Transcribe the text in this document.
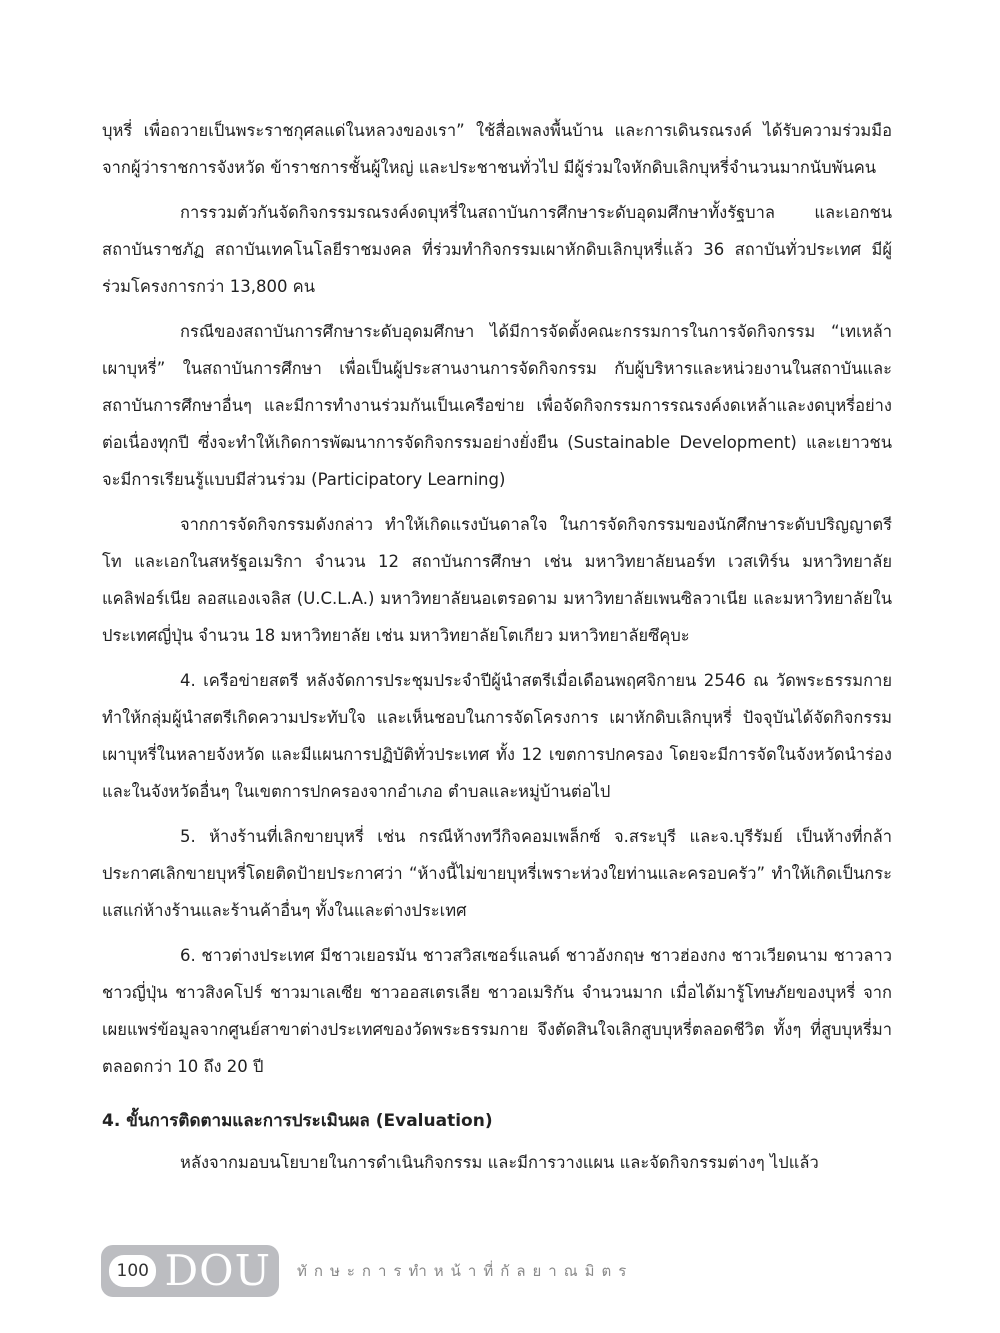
บุหรี่ เพื่อถวายเป็นพระราชกุศลแด่ในหลวงของเรา” ใช้สื่อเพลงพื้นบ้าน และการเดินรณรงค์ ได้รับความร่วมมือจากผู้ว่าราชการจังหวัด ข้าราชการชั้นผู้ใหญ่ และประชาชนทั่วไป มีผู้ร่วมใจหักดิบเลิกบุหรี่จำนวนมากนับพันคน

การรวมตัวกันจัดกิจกรรมรณรงค์งดบุหรี่ในสถาบันการศึกษาระดับอุดมศึกษาทั้งรัฐบาล และเอกชน สถาบันราชภัฏ สถาบันเทคโนโลยีราชมงคล ที่ร่วมทำกิจกรรมเผาหักดิบเลิกบุหรี่แล้ว 36 สถาบันทั่วประเทศ มีผู้ร่วมโครงการกว่า 13,800 คน

กรณีของสถาบันการศึกษาระดับอุดมศึกษา ได้มีการจัดตั้งคณะกรรมการในการจัดกิจกรรม “เทเหล้าเผาบุหรี่” ในสถาบันการศึกษา เพื่อเป็นผู้ประสานงานการจัดกิจกรรม กับผู้บริหารและหน่วยงานในสถาบันและสถาบันการศึกษาอื่นๆ และมีการทำงานร่วมกันเป็นเครือข่าย เพื่อจัดกิจกรรมการรณรงค์งดเหล้าและงดบุหรี่อย่างต่อเนื่องทุกปี ซึ่งจะทำให้เกิดการพัฒนาการจัดกิจกรรมอย่างยั่งยืน (Sustainable Development) และเยาวชนจะมีการเรียนรู้แบบมีส่วนร่วม (Participatory Learning)

จากการจัดกิจกรรมดังกล่าว ทำให้เกิดแรงบันดาลใจ ในการจัดกิจกรรมของนักศึกษาระดับปริญญาตรี โท และเอกในสหรัฐอเมริกา จำนวน 12 สถาบันการศึกษา เช่น มหาวิทยาลัยนอร์ท เวสเทิร์น มหาวิทยาลัยแคลิฟอร์เนีย ลอสแองเจลิส (U.C.L.A.) มหาวิทยาลัยนอเตรอดาม มหาวิทยาลัยเพนซิลวาเนีย และมหาวิทยาลัยในประเทศญี่ปุ่น จำนวน 18 มหาวิทยาลัย เช่น มหาวิทยาลัยโตเกียว มหาวิทยาลัยซึคุบะ

4. เครือข่ายสตรี หลังจัดการประชุมประจำปีผู้นำสตรีเมื่อเดือนพฤศจิกายน 2546 ณ วัดพระธรรมกาย ทำให้กลุ่มผู้นำสตรีเกิดความประทับใจ และเห็นชอบในการจัดโครงการ เผาหักดิบเลิกบุหรี่ ปัจจุบันได้จัดกิจกรรมเผาบุหรี่ในหลายจังหวัด และมีแผนการปฏิบัติทั่วประเทศ ทั้ง 12 เขตการปกครอง โดยจะมีการจัดในจังหวัดนำร่อง และในจังหวัดอื่นๆ ในเขตการปกครองจากอำเภอ ตำบลและหมู่บ้านต่อไป

5. ห้างร้านที่เลิกขายบุหรี่ เช่น กรณีห้างทวีกิจคอมเพล็กซ์ จ.สระบุรี และจ.บุรีรัมย์ เป็นห้างที่กล้าประกาศเลิกขายบุหรี่โดยติดป้ายประกาศว่า “ห้างนี้ไม่ขายบุหรี่เพราะห่วงใยท่านและครอบครัว” ทำให้เกิดเป็นกระแสแก่ห้างร้านและร้านค้าอื่นๆ ทั้งในและต่างประเทศ

6. ชาวต่างประเทศ มีชาวเยอรมัน ชาวสวิสเซอร์แลนด์ ชาวอังกฤษ ชาวฮ่องกง ชาวเวียดนาม ชาวลาว ชาวญี่ปุ่น ชาวสิงคโปร์ ชาวมาเลเซีย ชาวออสเตรเลีย ชาวอเมริกัน จำนวนมาก เมื่อได้มารู้โทษภัยของบุหรี่ จากเผยแพร่ข้อมูลจากศูนย์สาขาต่างประเทศของวัดพระธรรมกาย จึงตัดสินใจเลิกสูบบุหรี่ตลอดชีวิต ทั้งๆ ที่สูบบุหรี่มาตลอดกว่า 10 ถึง 20 ปี

4. ขั้นการติดตามและการประเมินผล (Evaluation)

หลังจากมอบนโยบายในการดำเนินกิจกรรม และมีการวางแผน และจัดกิจกรรมต่างๆ ไปแล้ว

100 DOU ทักษะการทำหน้าที่กัลยาณมิตร
